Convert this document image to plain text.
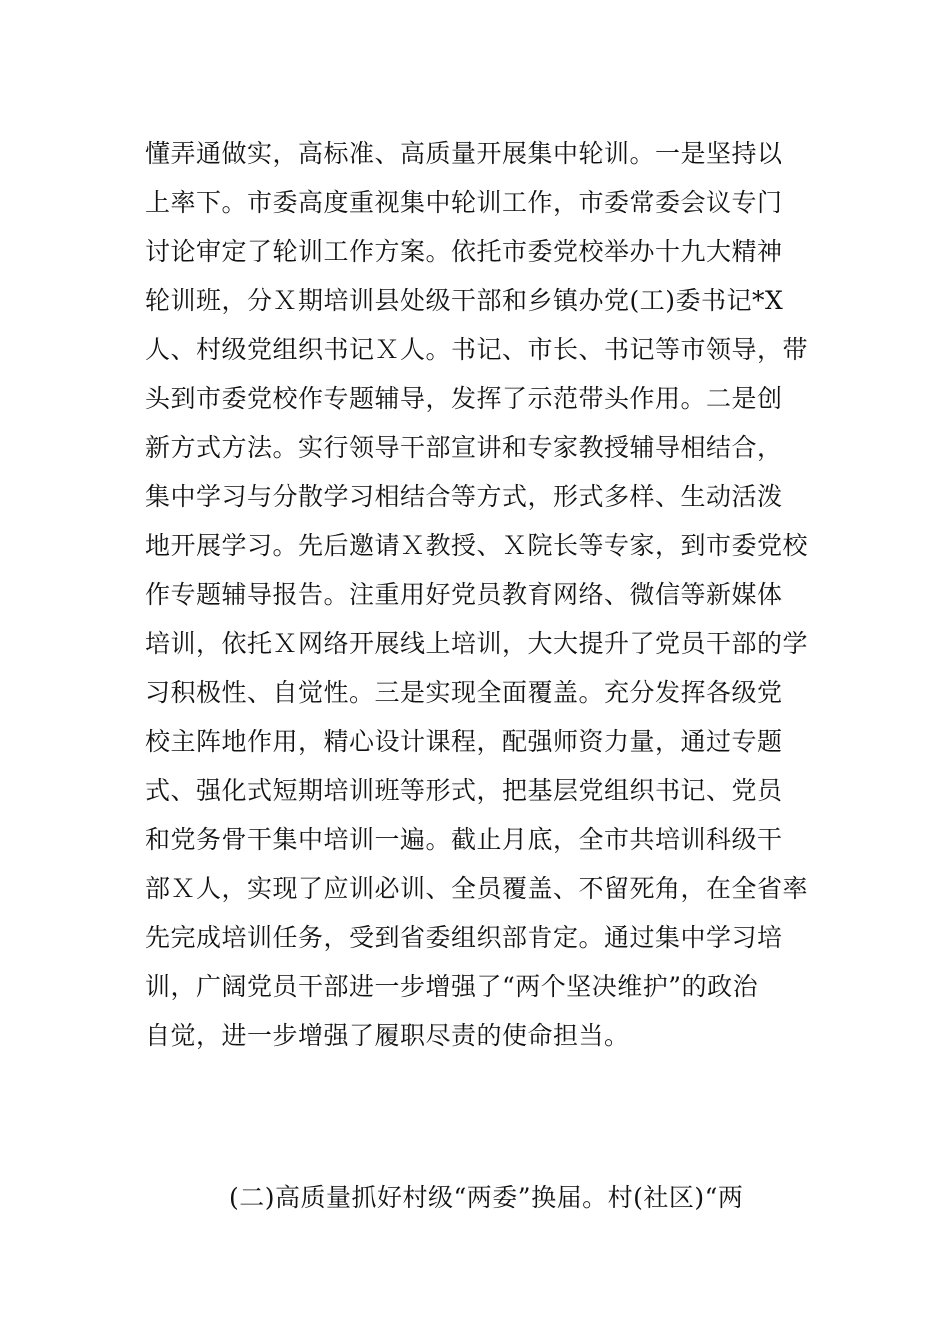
懂弄通做实，高标准、高质量开展集中轮训。一是坚持以
上率下。市委高度重视集中轮训工作，市委常委会议专门
讨论审定了轮训工作方案。依托市委党校举办十九大精神
轮训班，分Ｘ期培训县处级干部和乡镇办党(工)委书记*X
人、村级党组织书记Ｘ人。书记、市长、书记等市领导，带
头到市委党校作专题辅导，发挥了示范带头作用。二是创
新方式方法。实行领导干部宣讲和专家教授辅导相结合，
集中学习与分散学习相结合等方式，形式多样、生动活泼
地开展学习。先后邀请Ｘ教授、Ｘ院长等专家，到市委党校
作专题辅导报告。注重用好党员教育网络、微信等新媒体
培训，依托Ｘ网络开展线上培训，大大提升了党员干部的学
习积极性、自觉性。三是实现全面覆盖。充分发挥各级党
校主阵地作用，精心设计课程，配强师资力量，通过专题
式、强化式短期培训班等形式，把基层党组织书记、党员
和党务骨干集中培训一遍。截止月底，全市共培训科级干
部Ｘ人，实现了应训必训、全员覆盖、不留死角，在全省率
先完成培训任务，受到省委组织部肯定。通过集中学习培
训，广阔党员干部进一步增强了“两个坚决维护”的政治
自觉，进一步增强了履职尽责的使命担当。
(二)高质量抓好村级“两委”换届。村(社区)“两
